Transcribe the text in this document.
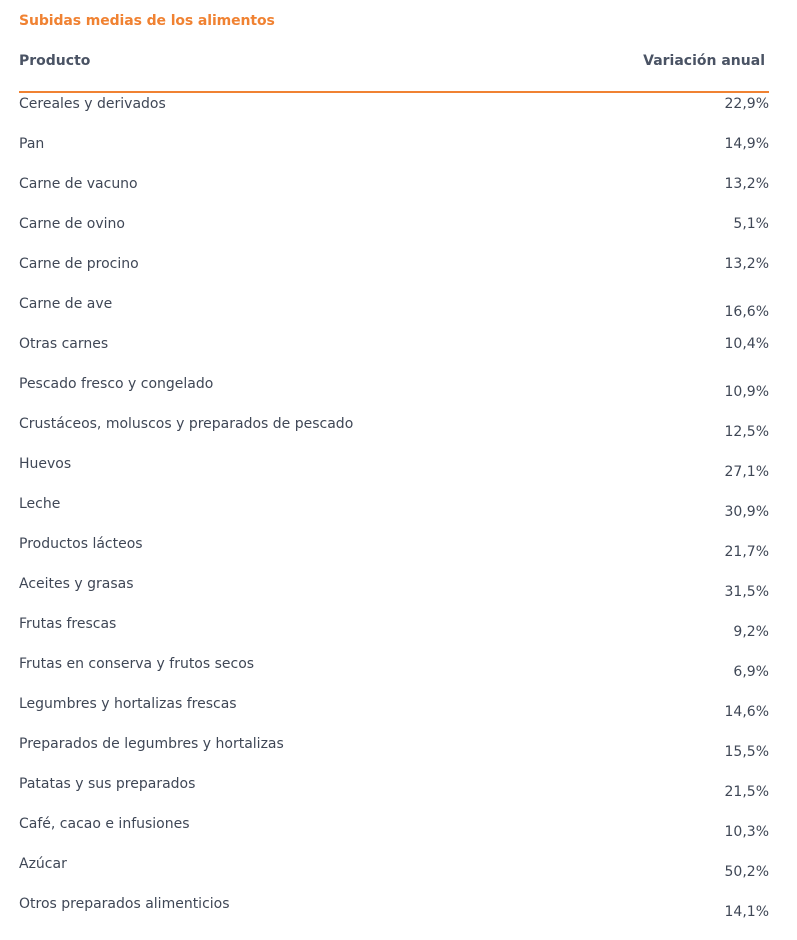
Subidas medias de los alimentos
Producto	Variación anual
Cereales y derivados	22,9%
Pan	14,9%
Carne de vacuno	13,2%
Carne de ovino	5,1%
Carne de procino	13,2%
Carne de ave	16,6%
Otras carnes	10,4%
Pescado fresco y congelado	10,9%
Crustáceos, moluscos y preparados de pescado	12,5%
Huevos	27,1%
Leche	30,9%
Productos lácteos	21,7%
Aceites y grasas	31,5%
Frutas frescas	9,2%
Frutas en conserva y frutos secos	6,9%
Legumbres y hortalizas frescas	14,6%
Preparados de legumbres y hortalizas	15,5%
Patatas y sus preparados	21,5%
Café, cacao e infusiones	10,3%
Azúcar	50,2%
Otros preparados alimenticios	14,1%
